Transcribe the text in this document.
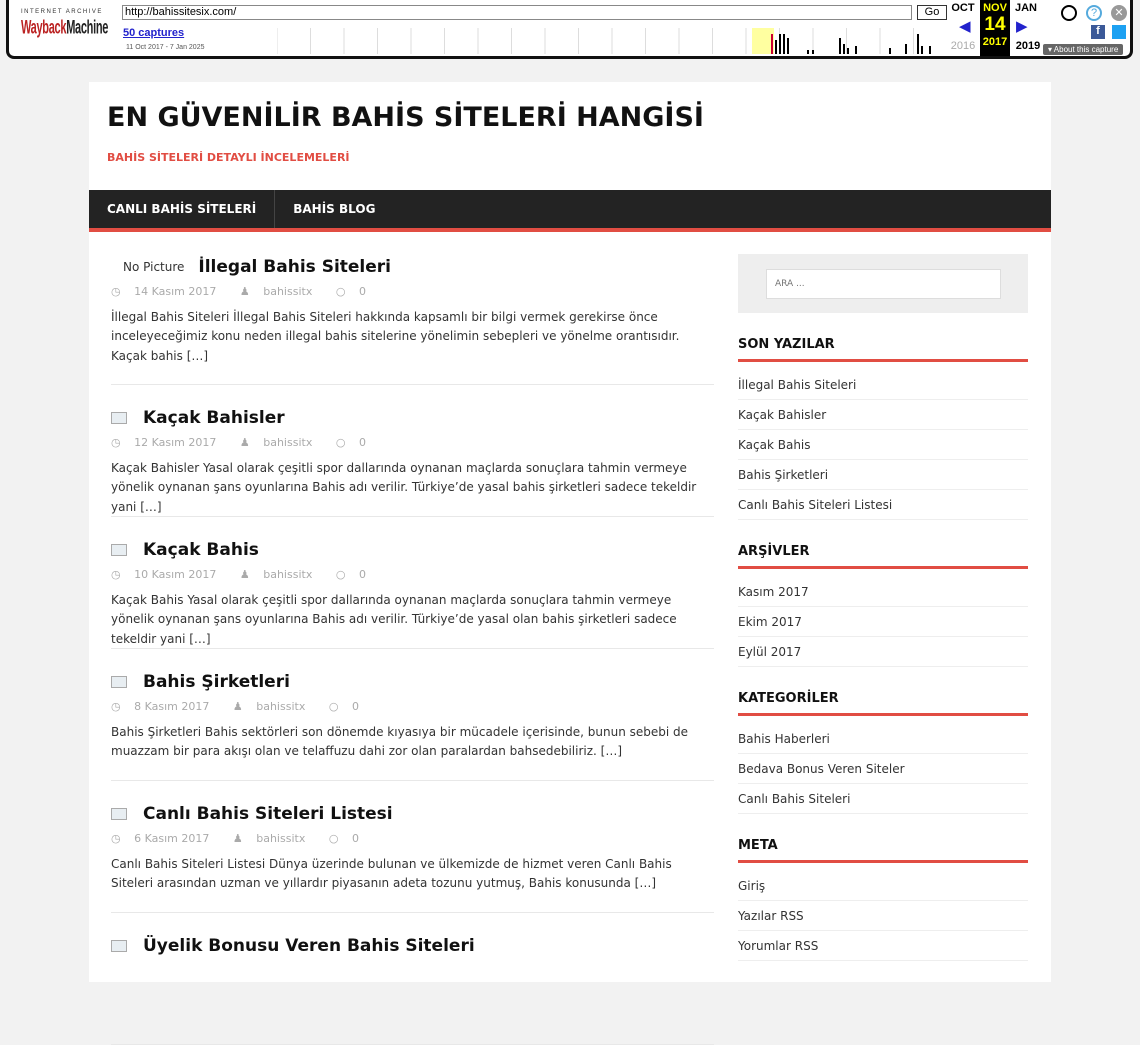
INTERNET ARCHIVE
WaybackMachine
http://bahissitesix.com/	Go
50 captures
11 Oct 2017 - 7 Jan 2025
OCT
◀
2016
NOV
14
2017
JAN
▶
2019
?	✕
f
▾ About this capture
EN GÜVENİLİR BAHİS SİTELERİ HANGİSİ
BAHİS SİTELERİ DETAYLI İNCELEMELERİ
CANLI BAHİS SİTELERİ	BAHİS BLOG
No Picture İllegal Bahis Siteleri
◷ 14 Kasım 2017 ♟ bahissitx ○ 0
İllegal Bahis Siteleri İllegal Bahis Siteleri hakkında kapsamlı bir bilgi vermek gerekirse önce inceleyeceğimiz konu neden illegal bahis sitelerine yönelimin sebepleri ve yönelme orantısıdır. Kaçak bahis […]
Kaçak Bahisler
◷ 12 Kasım 2017 ♟ bahissitx ○ 0
Kaçak Bahisler Yasal olarak çeşitli spor dallarında oynanan maçlarda sonuçlara tahmin vermeye yönelik oynanan şans oyunlarına Bahis adı verilir. Türkiye’de yasal bahis şirketleri sadece tekeldir yani […]
Kaçak Bahis
◷ 10 Kasım 2017 ♟ bahissitx ○ 0
Kaçak Bahis Yasal olarak çeşitli spor dallarında oynanan maçlarda sonuçlara tahmin vermeye yönelik oynanan şans oyunlarına Bahis adı verilir. Türkiye’de yasal olan bahis şirketleri sadece tekeldir yani […]
Bahis Şirketleri
◷ 8 Kasım 2017 ♟ bahissitx ○ 0
Bahis Şirketleri Bahis sektörleri son dönemde kıyasıya bir mücadele içerisinde, bunun sebebi de muazzam bir para akışı olan ve telaffuzu dahi zor olan paralardan bahsedebiliriz. […]
Canlı Bahis Siteleri Listesi
◷ 6 Kasım 2017 ♟ bahissitx ○ 0
Canlı Bahis Siteleri Listesi Dünya üzerinde bulunan ve ülkemizde de hizmet veren Canlı Bahis Siteleri arasından uzman ve yıllardır piyasanın adeta tozunu yutmuş, Bahis konusunda […]
Üyelik Bonusu Veren Bahis Siteleri
ARA ...
SON YAZILAR
İllegal Bahis Siteleri
Kaçak Bahisler
Kaçak Bahis
Bahis Şirketleri
Canlı Bahis Siteleri Listesi
ARŞİVLER
Kasım 2017
Ekim 2017
Eylül 2017
KATEGORİLER
Bahis Haberleri
Bedava Bonus Veren Siteler
Canlı Bahis Siteleri
META
Giriş
Yazılar RSS
Yorumlar RSS
